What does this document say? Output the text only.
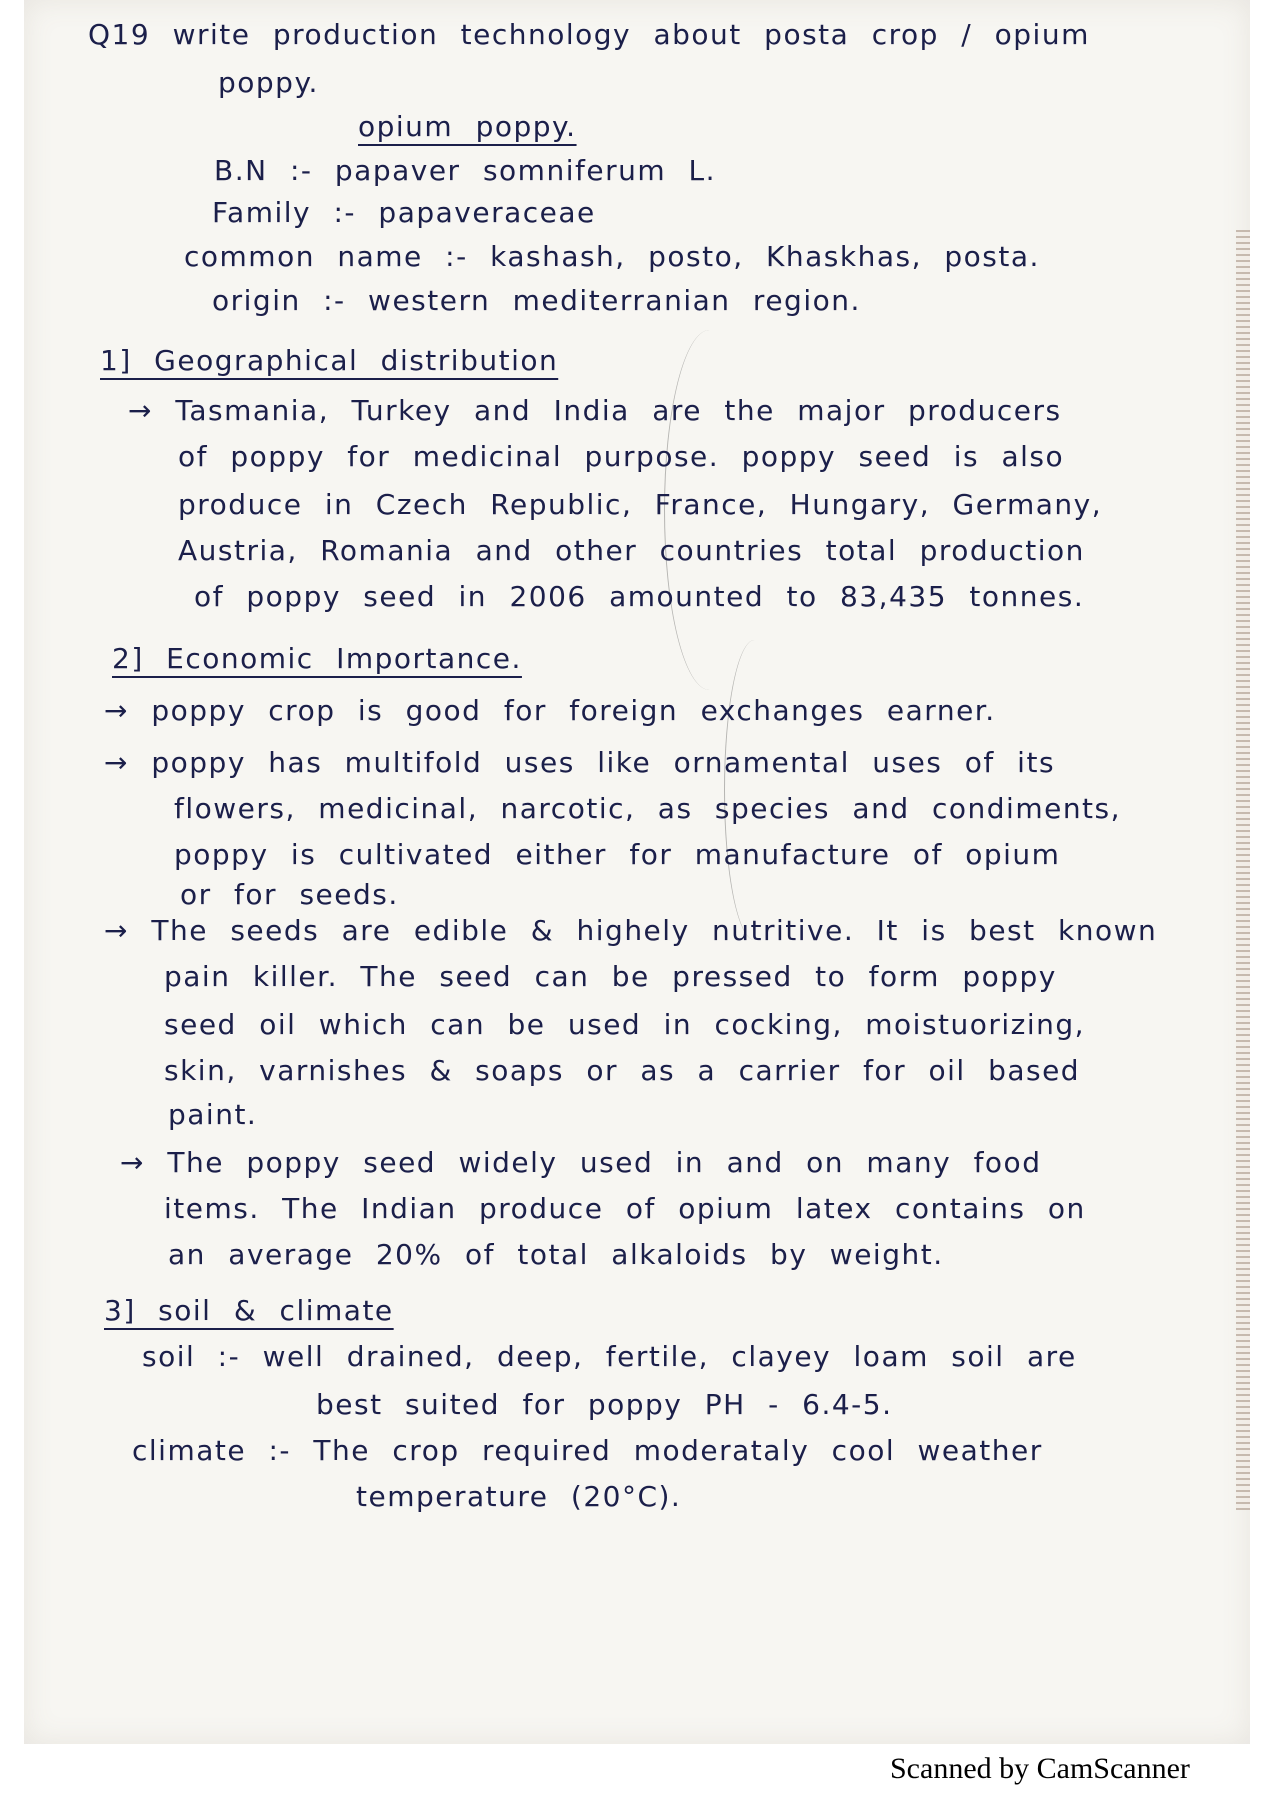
Q19 write production technology about posta crop / opium
poppy.
opium poppy.
B.N :- papaver somniferum L.
Family :- papaveraceae
common name :- kashash, posto, Khaskhas, posta.
origin :- western mediterranian region.
1] Geographical distribution
→ Tasmania, Turkey and India are the major producers
of poppy for medicinal purpose. poppy seed is also
produce in Czech Republic, France, Hungary, Germany,
Austria, Romania and other countries total production
of poppy seed in 2006 amounted to 83,435 tonnes.
2] Economic Importance.
→ poppy crop is good for foreign exchanges earner.
→ poppy has multifold uses like ornamental uses of its
flowers, medicinal, narcotic, as species and condiments,
poppy is cultivated either for manufacture of opium
or for seeds.
→ The seeds are edible & highely nutritive. It is best known
pain killer. The seed can be pressed to form poppy
seed oil which can be used in cocking, moistuorizing,
skin, varnishes & soaps or as a carrier for oil based
paint.
→ The poppy seed widely used in and on many food
items. The Indian produce of opium latex contains on
an average 20% of total alkaloids by weight.
3] soil & climate
soil :- well drained, deep, fertile, clayey loam soil are
best suited for poppy PH - 6.4-5.
climate :- The crop required moderataly cool weather
temperature (20°C).
Scanned by CamScanner
